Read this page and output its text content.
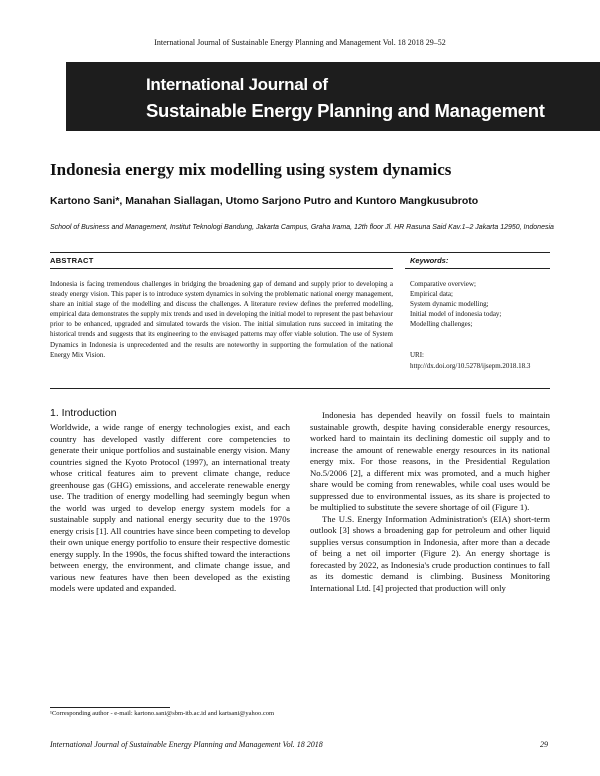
International Journal of Sustainable Energy Planning and Management Vol. 18 2018 29–52
International Journal of
Sustainable Energy Planning and Management
Indonesia energy mix modelling using system dynamics
Kartono Sani*, Manahan Siallagan, Utomo Sarjono Putro and Kuntoro Mangkusubroto
School of Business and Management, Institut Teknologi Bandung, Jakarta Campus, Graha Irama, 12th floor Jl. HR Rasuna Said Kav.1–2 Jakarta 12950, Indonesia
ABSTRACT	Keywords:
Indonesia is facing tremendous challenges in bridging the broadening gap of demand and supply prior to developing a steady energy vision. This paper is to introduce system dynamics in solving the problematic national energy management, share an initial stage of the modelling and discuss the challenges. A literature review defines the preferred modelling, empirical data demonstrates the supply mix trends and used in developing the initial model to represent the past behaviour prior to be enhanced, upgraded and simulated towards the vision. The initial simulation runs succeed in imitating the historical trends and suggests that its engineering to the envisaged patterns may offer viable solution. The use of System Dynamics in Indonesia is unprecedented and the results are noteworthy in supporting the formulation of the national Energy Mix Vision.
Comparative overview;
Empirical data;
System dynamic modelling;
Initial model of indonesia today;
Modelling challenges;
URI:
http://dx.doi.org/10.5278/ijsepm.2018.18.3
1. Introduction

Worldwide, a wide range of energy technologies exist, and each country has developed vastly different core competencies to generate their unique portfolios and sustainable energy vision. Many countries signed the Kyoto Protocol (1997), an international treaty whose critical features aim to prevent climate change, reduce greenhouse gas (GHG) emissions, and accelerate renewable energy use. The tradition of energy modelling had seemingly begun when the world was urged to develop energy system models for a sustainable supply and national energy security due to the 1970s energy crisis [1]. All countries have since been competing to develop their own unique energy portfolio to ensure their respective domestic energy supply. In the 1990s, the focus shifted toward the interactions between energy, the environment, and climate change issue, and various new features have then been developed as the existing models were updated and expanded.

Indonesia has depended heavily on fossil fuels to maintain sustainable growth, despite having considerable energy resources, worked hard to maintain its declining domestic oil supply and to increase the amount of renewable energy resources in its national energy mix. For those reasons, in the Presidential Regulation No.5/2006 [2], a different mix was promoted, and a much higher share would be coming from renewables, while coal uses would be suppressed due to environmental issues, as its share is projected to be multiplied to substitute the severe shortage of oil (Figure 1).

The U.S. Energy Information Administration's (EIA) short-term outlook [3] shows a broadening gap for petroleum and other liquid supplies versus consumption in Indonesia, after more than a decade of being a net oil importer (Figure 2). An energy shortage is forecasted by 2022, as Indonesia's crude production continues to fall as its domestic demand is climbing. Business Monitoring International Ltd. [4] projected that production will only

¹Corresponding author - e-mail: kartono.sani@sbm-itb.ac.id and kartsani@yahoo.com
International Journal of Sustainable Energy Planning and Management Vol. 18 2018	29
